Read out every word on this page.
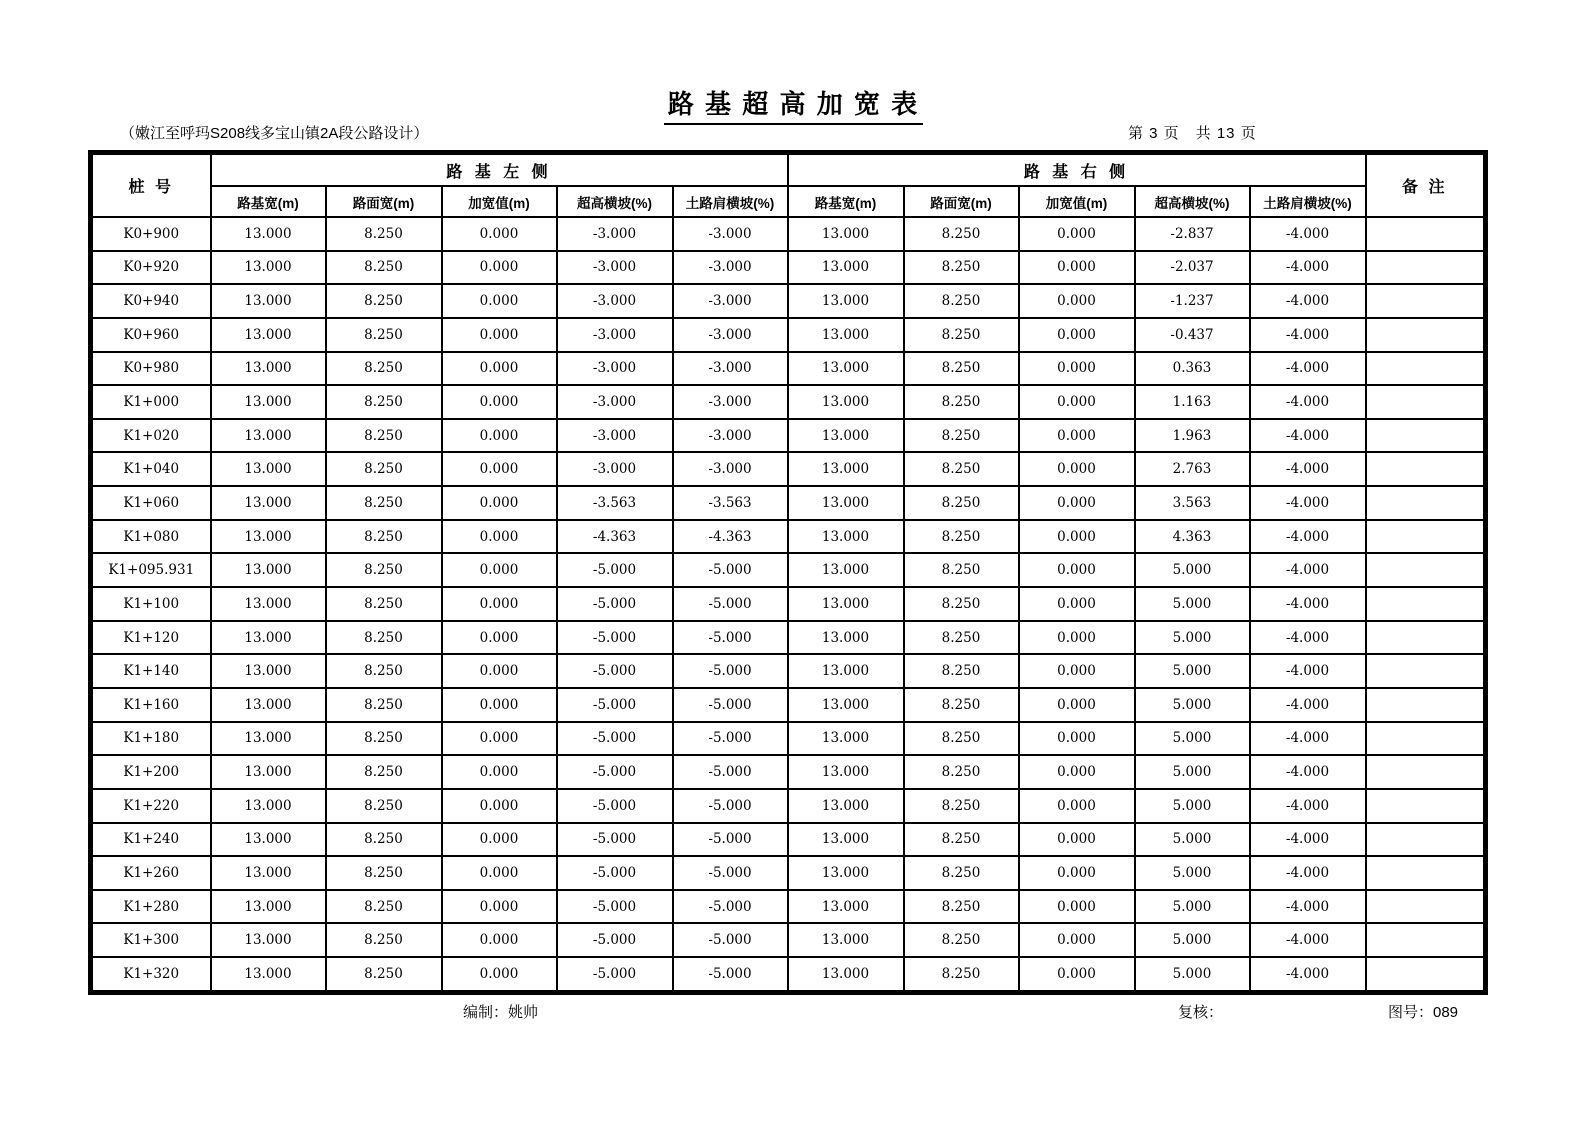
路 基 超 高 加 宽 表
（嫩江至呼玛S208线多宝山镇2A段公路设计）	第 3 页　共 13 页
桩 号	路 基 左 侧					路 基 右 侧					备 注
	路基宽(m)	路面宽(m)	加宽值(m)	超高横坡(%)	土路肩横坡(%)	路基宽(m)	路面宽(m)	加宽值(m)	超高横坡(%)	土路肩横坡(%)	
K0+900	13.000	8.250	0.000	-3.000	-3.000	13.000	8.250	0.000	-2.837	-4.000	
K0+920	13.000	8.250	0.000	-3.000	-3.000	13.000	8.250	0.000	-2.037	-4.000	
K0+940	13.000	8.250	0.000	-3.000	-3.000	13.000	8.250	0.000	-1.237	-4.000	
K0+960	13.000	8.250	0.000	-3.000	-3.000	13.000	8.250	0.000	-0.437	-4.000	
K0+980	13.000	8.250	0.000	-3.000	-3.000	13.000	8.250	0.000	0.363	-4.000	
K1+000	13.000	8.250	0.000	-3.000	-3.000	13.000	8.250	0.000	1.163	-4.000	
K1+020	13.000	8.250	0.000	-3.000	-3.000	13.000	8.250	0.000	1.963	-4.000	
K1+040	13.000	8.250	0.000	-3.000	-3.000	13.000	8.250	0.000	2.763	-4.000	
K1+060	13.000	8.250	0.000	-3.563	-3.563	13.000	8.250	0.000	3.563	-4.000	
K1+080	13.000	8.250	0.000	-4.363	-4.363	13.000	8.250	0.000	4.363	-4.000	
K1+095.931	13.000	8.250	0.000	-5.000	-5.000	13.000	8.250	0.000	5.000	-4.000	
K1+100	13.000	8.250	0.000	-5.000	-5.000	13.000	8.250	0.000	5.000	-4.000	
K1+120	13.000	8.250	0.000	-5.000	-5.000	13.000	8.250	0.000	5.000	-4.000	
K1+140	13.000	8.250	0.000	-5.000	-5.000	13.000	8.250	0.000	5.000	-4.000	
K1+160	13.000	8.250	0.000	-5.000	-5.000	13.000	8.250	0.000	5.000	-4.000	
K1+180	13.000	8.250	0.000	-5.000	-5.000	13.000	8.250	0.000	5.000	-4.000	
K1+200	13.000	8.250	0.000	-5.000	-5.000	13.000	8.250	0.000	5.000	-4.000	
K1+220	13.000	8.250	0.000	-5.000	-5.000	13.000	8.250	0.000	5.000	-4.000	
K1+240	13.000	8.250	0.000	-5.000	-5.000	13.000	8.250	0.000	5.000	-4.000	
K1+260	13.000	8.250	0.000	-5.000	-5.000	13.000	8.250	0.000	5.000	-4.000	
K1+280	13.000	8.250	0.000	-5.000	-5.000	13.000	8.250	0.000	5.000	-4.000	
K1+300	13.000	8.250	0.000	-5.000	-5.000	13.000	8.250	0.000	5.000	-4.000	
K1+320	13.000	8.250	0.000	-5.000	-5.000	13.000	8.250	0.000	5.000	-4.000	
编制：姚帅	复核：	图号：089
